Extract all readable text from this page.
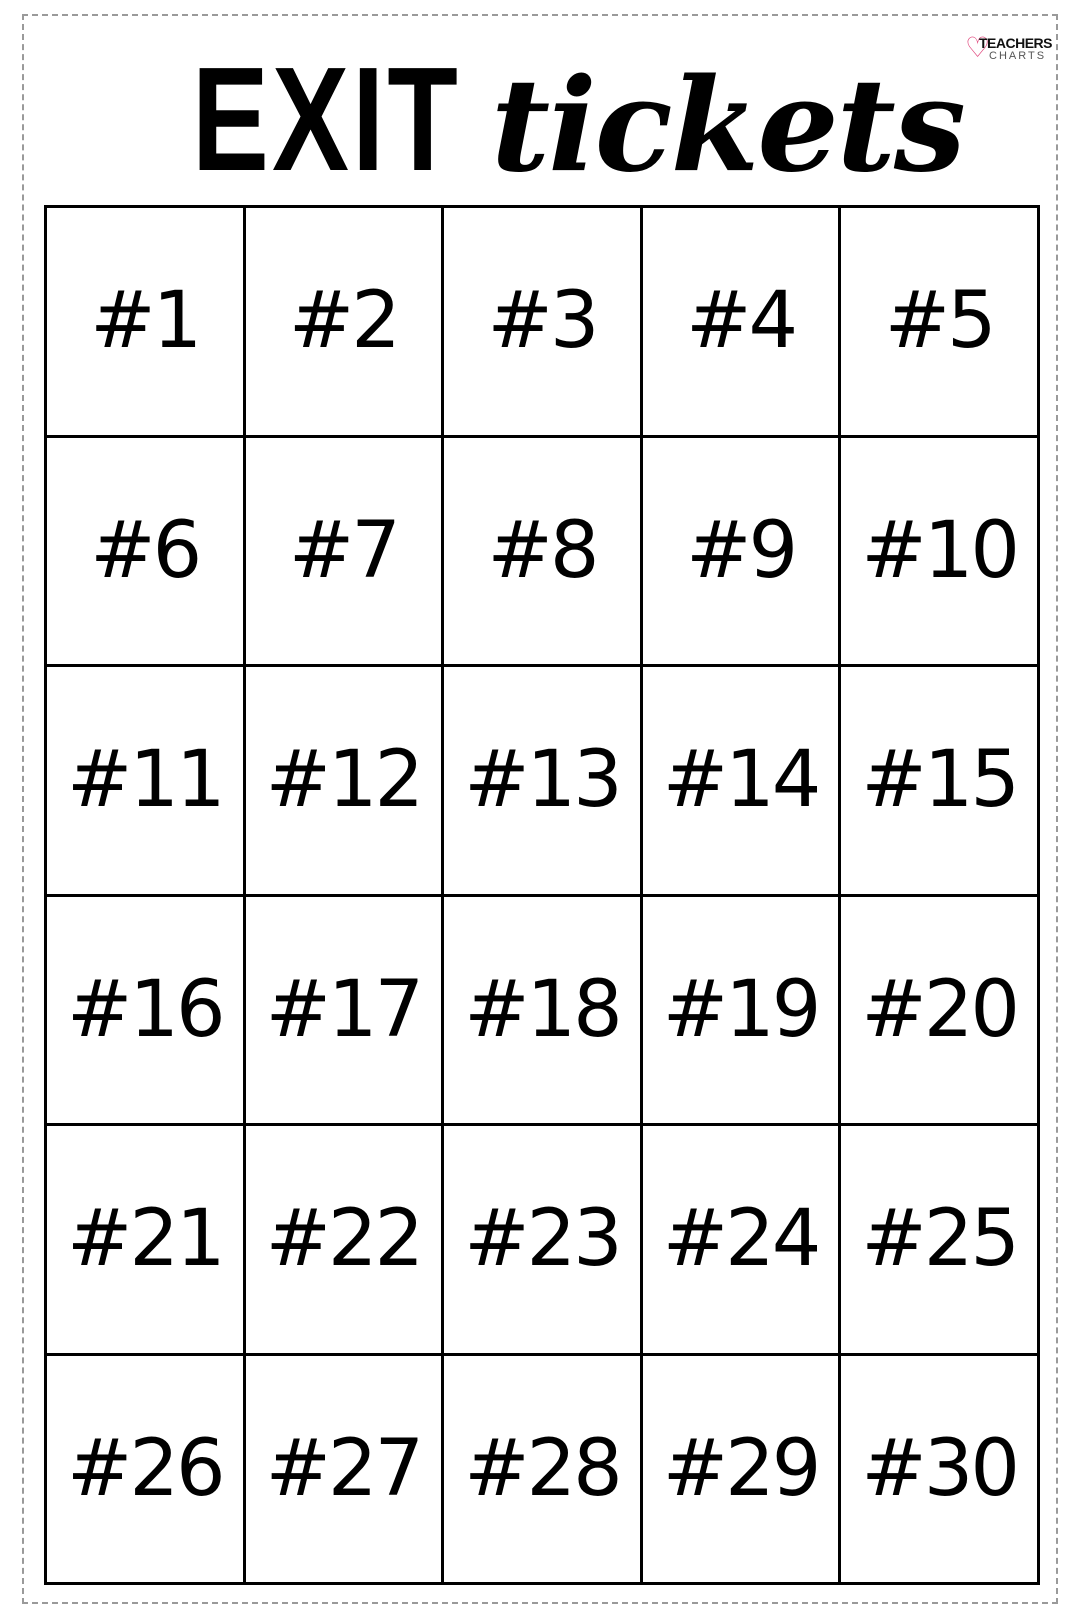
♡
TEACHERS
CHARTS
EXIT tickets
#1	#2	#3	#4	#5
#6	#7	#8	#9 #10
#11 #12 #13 #14 #15
#16 #17 #18 #19 #20
#21 #22 #23 #24 #25
#26 #27 #28 #29 #30
